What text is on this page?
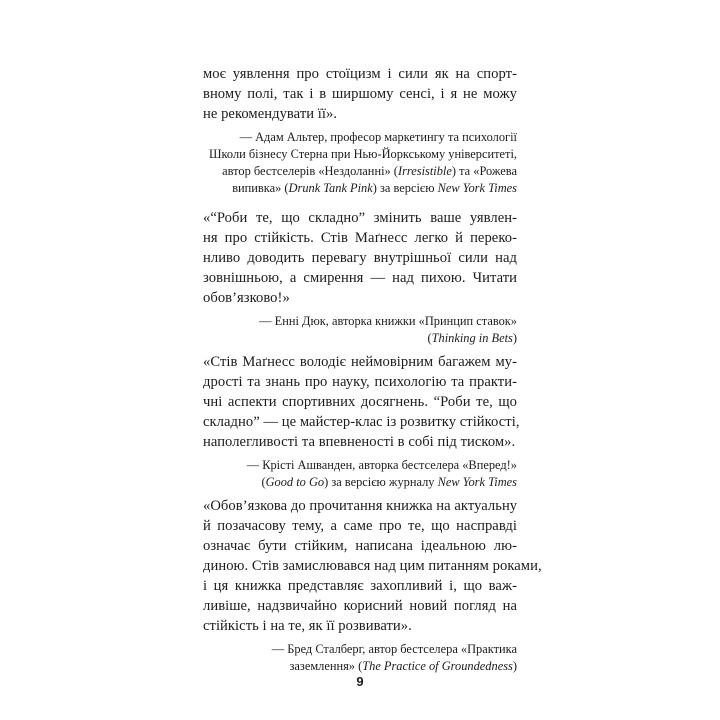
моє уявлення про стоїцизм і сили як на спорт-
вному полі, так і в ширшому сенсі, і я не можу
не рекомендувати її».
— Адам Альтер, професор маркетингу та психології
Школи бізнесу Стерна при Нью-Йоркському університеті,
автор бестселерів «Нездоланні» (Irresistible) та «Рожева
випивка» (Drunk Tank Pink) за версією New York Times
«“Роби те, що складно” змінить ваше уявлен-
ня про стійкість. Стів Маґнесс легко й переко-
нливо доводить перевагу внутрішньої сили над
зовнішньою, а смирення — над пихою. Читати
обов’язково!»
— Енні Дюк, авторка книжки «Принцип ставок»
(Thinking in Bets)
«Стів Маґнесс володіє неймовірним багажем му-
дрості та знань про науку, психологію та практи-
чні аспекти спортивних досягнень. “Роби те, що
складно” — це майстер-клас із розвитку стійкості,
наполегливості та впевненості в собі під тиском».
— Крісті Ашванден, авторка бестселера «Вперед!»
(Good to Go) за версією журналу New York Times
«Обов’язкова до прочитання книжка на актуальну
й позачасову тему, а саме про те, що насправді
означає бути стійким, написана ідеальною лю-
диною. Стів замислювався над цим питанням роками,
і ця книжка представляє захопливий і, що важ-
ливіше, надзвичайно корисний новий погляд на
стійкість і на те, як її розвивати».
— Бред Сталберг, автор бестселера «Практика
заземлення» (The Practice of Groundedness)
9
